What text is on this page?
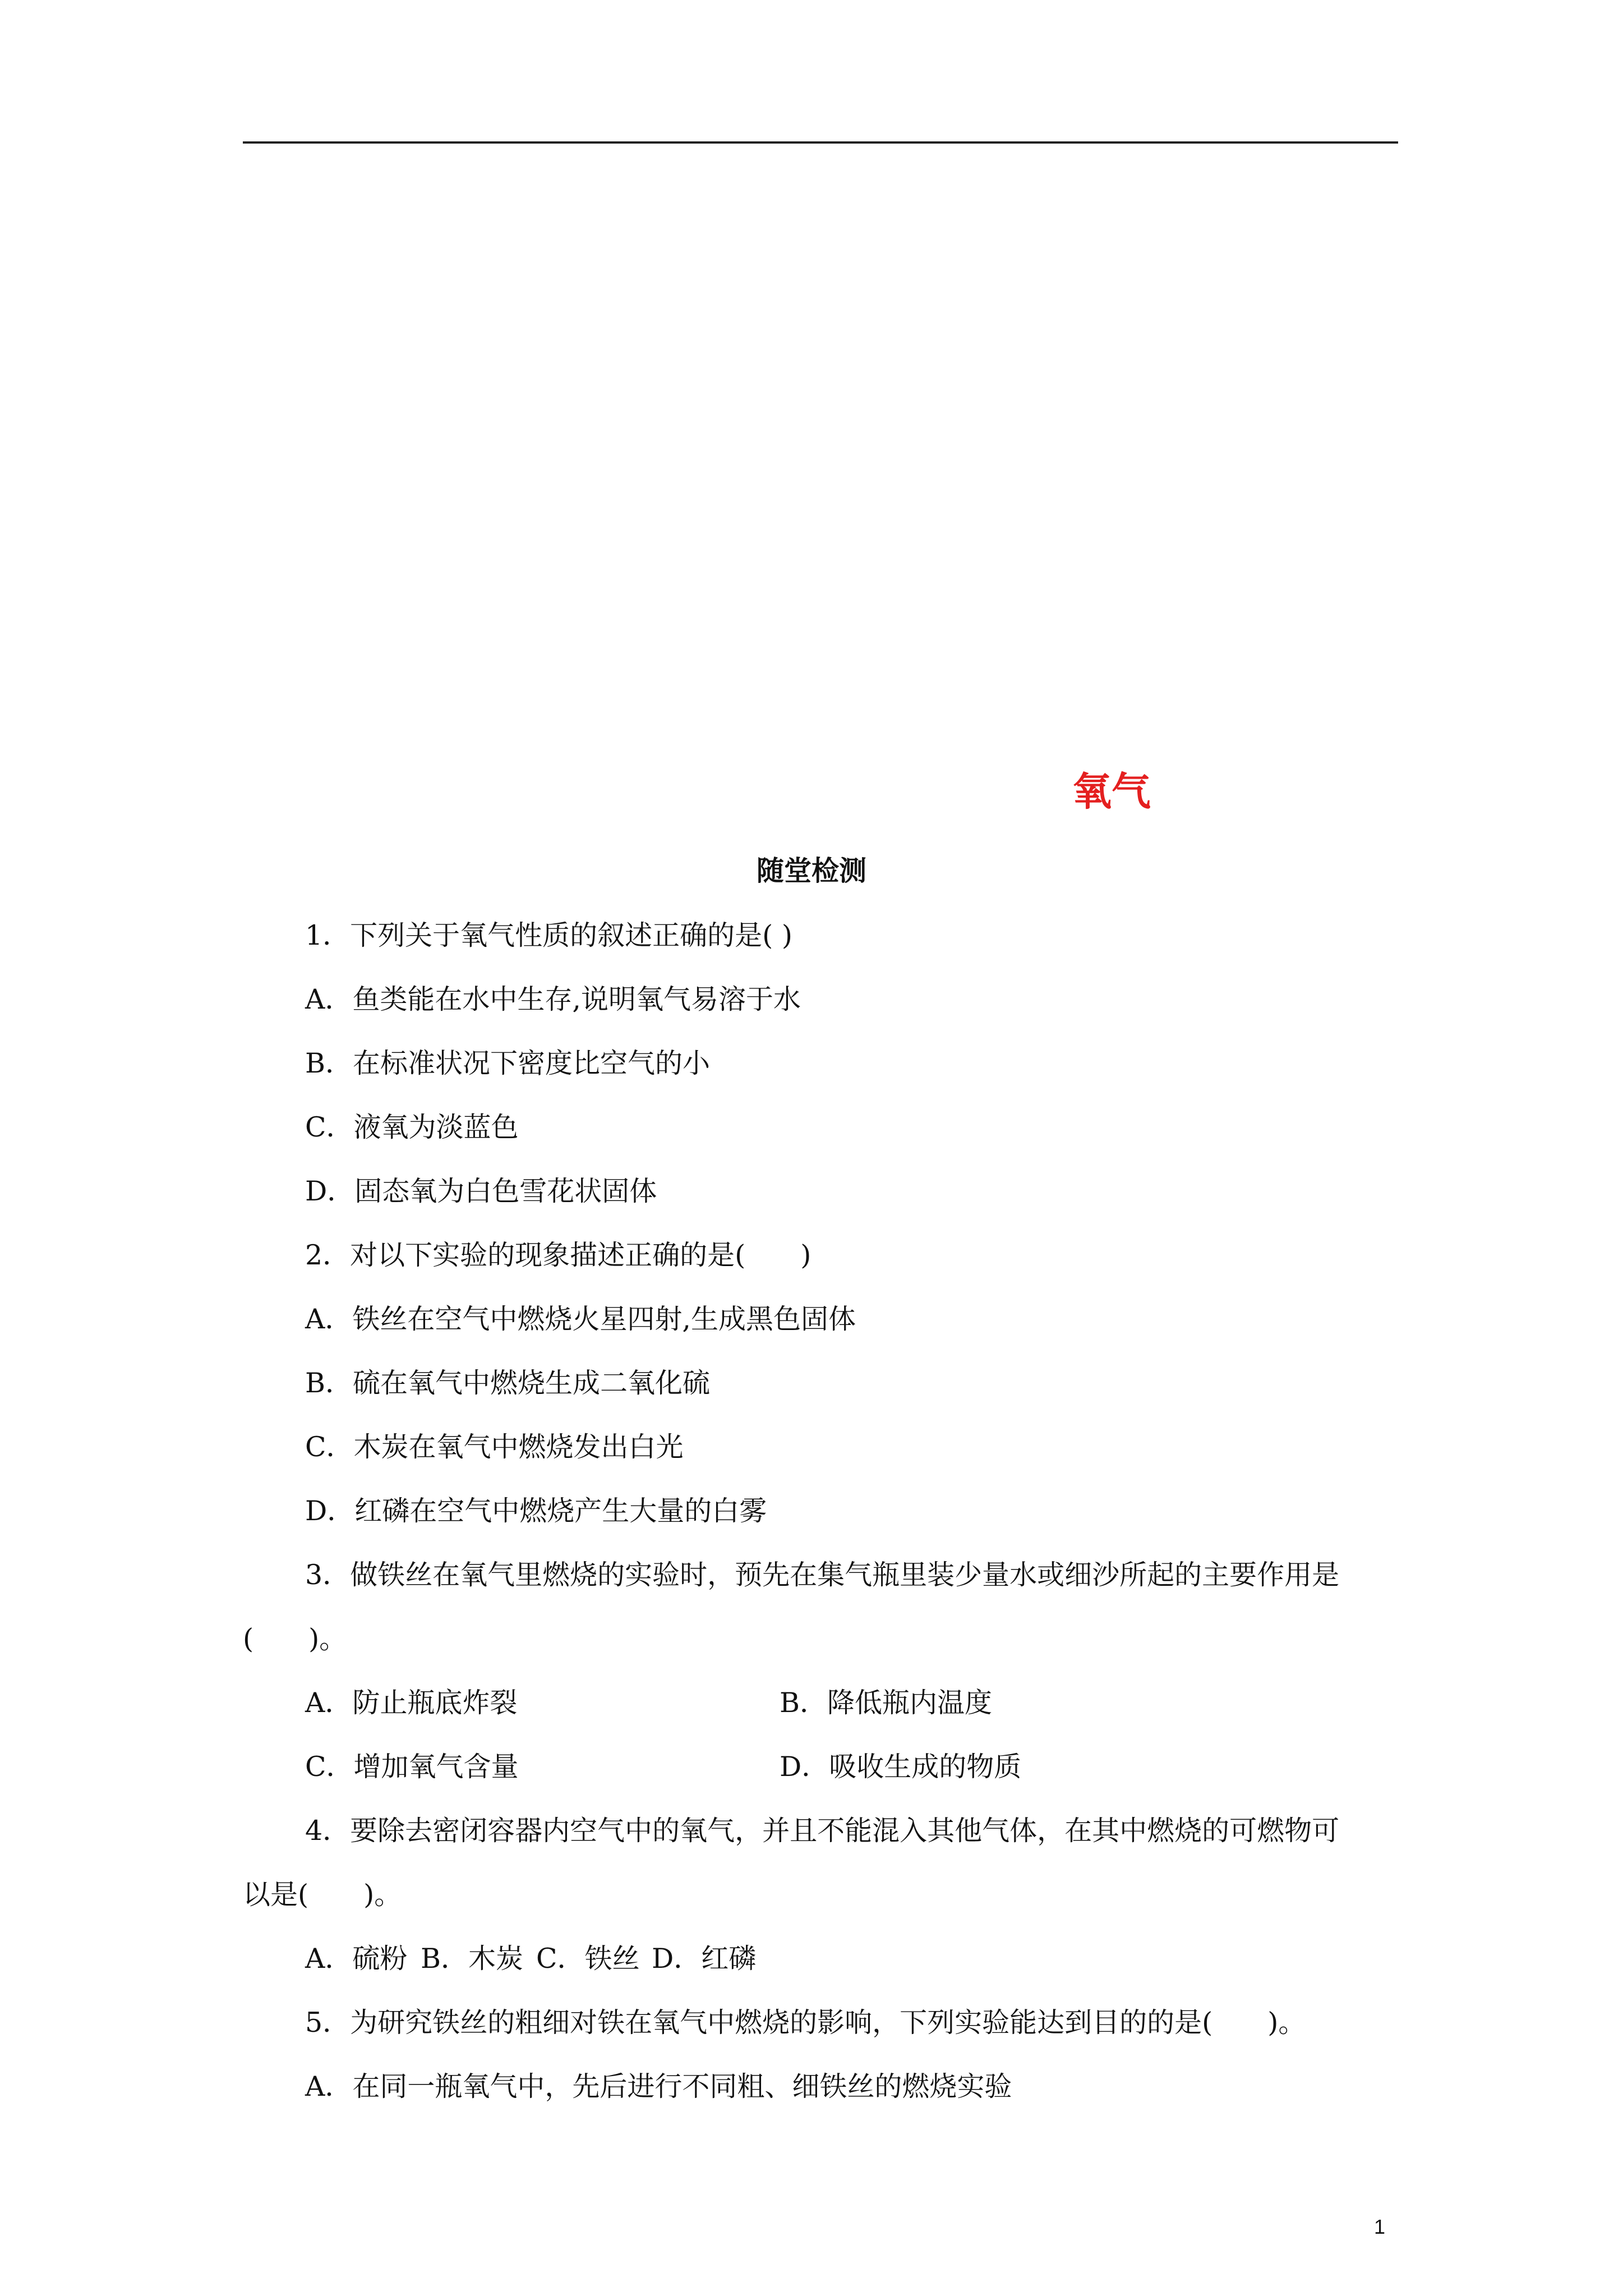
氧气
随堂检测
1．下列关于氧气性质的叙述正确的是( )
A．鱼类能在水中生存,说明氧气易溶于水
B．在标准状况下密度比空气的小
C．液氧为淡蓝色
D．固态氧为白色雪花状固体
2．对以下实验的现象描述正确的是(　　)
A．铁丝在空气中燃烧火星四射,生成黑色固体
B．硫在氧气中燃烧生成二氧化硫
C．木炭在氧气中燃烧发出白光
D．红磷在空气中燃烧产生大量的白雾
3．做铁丝在氧气里燃烧的实验时，预先在集气瓶里装少量水或细沙所起的主要作用是
(　　)。
A．防止瓶底炸裂	B．降低瓶内温度
C．增加氧气含量	D．吸收生成的物质
4．要除去密闭容器内空气中的氧气，并且不能混入其他气体，在其中燃烧的可燃物可
以是(　　)。
A．硫粉 B．木炭 C．铁丝 D．红磷
5．为研究铁丝的粗细对铁在氧气中燃烧的影响，下列实验能达到目的的是(　　)。
A．在同一瓶氧气中，先后进行不同粗、细铁丝的燃烧实验
1
